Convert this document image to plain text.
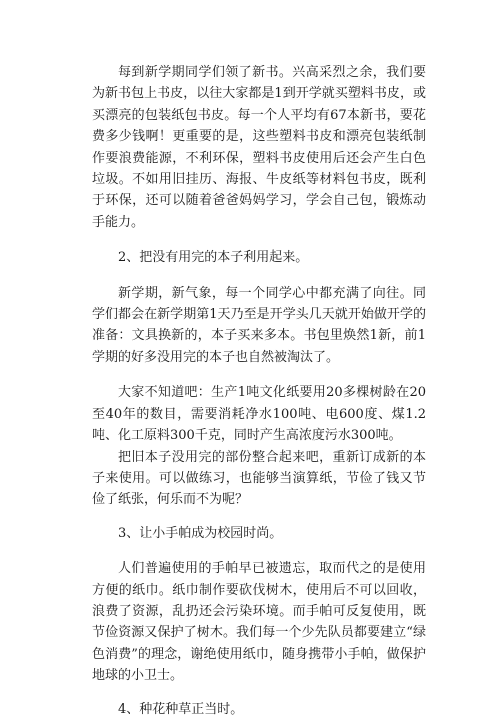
每到新学期同学们领了新书。兴高采烈之余，我们要为新书包上书皮，以往大家都是1到开学就买塑料书皮，或买漂亮的包装纸包书皮。每一个人平均有67本新书，要花费多少钱啊！更重要的是，这些塑料书皮和漂亮包装纸制作要浪费能源，不利环保，塑料书皮使用后还会产生白色垃圾。不如用旧挂历、海报、牛皮纸等材料包书皮，既利于环保，还可以随着爸爸妈妈学习，学会自己包，锻炼动手能力。

2、把没有用完的本子利用起来。

新学期，新气象，每一个同学心中都充满了向往。同学们都会在新学期第1天乃至是开学头几天就开始做开学的准备：文具换新的，本子买来多本。书包里焕然1新，前1学期的好多没用完的本子也自然被淘汰了。

大家不知道吧：生产1吨文化纸要用20多棵树龄在20至40年的数目，需要消耗净水100吨、电600度、煤1.2吨、化工原料300千克，同时产生高浓度污水300吨。

把旧本子没用完的部份整合起来吧，重新订成新的本子来使用。可以做练习，也能够当演算纸，节俭了钱又节俭了纸张，何乐而不为呢？

3、让小手帕成为校园时尚。

人们普遍使用的手帕早已被遗忘，取而代之的是使用方便的纸巾。纸巾制作要砍伐树木，使用后不可以回收，浪费了资源，乱扔还会污染环境。而手帕可反复使用，既节俭资源又保护了树木。我们每一个少先队员都要建立“绿色消费”的理念，谢绝使用纸巾，随身携带小手帕，做保护地球的小卫士。

4、种花种草正当时。
